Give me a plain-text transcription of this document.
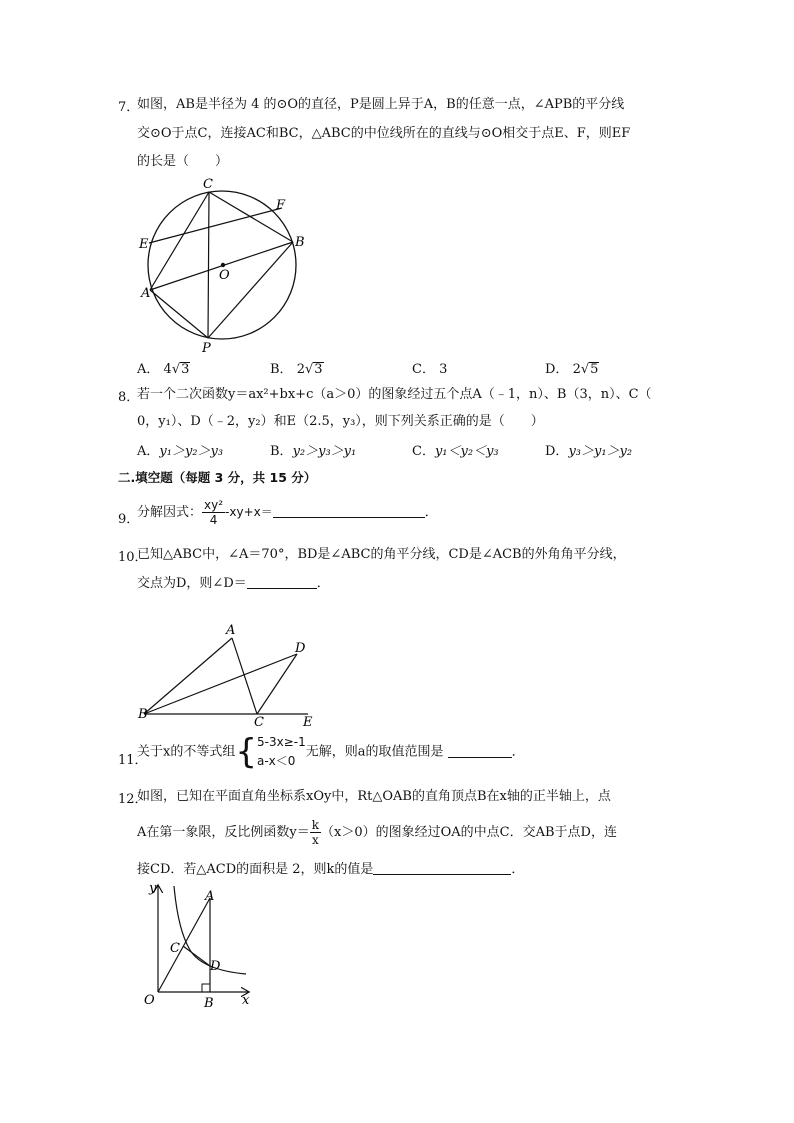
7．
如图，AB是半径为 4 的⊙O的直径，P是圆上异于A，B的任意一点，∠APB的平分线
交⊙O于点C，连接AC和BC，△ABC的中位线所在的直线与⊙O相交于点E、F，则EF
的长是（　　）
C
F
E	B
O
A
P
A． 4√3	B． 2√3	C． 3	D． 2√5
8．
若一个二次函数y＝ax²+bx+c（a＞0）的图象经过五个点A（﹣1，n）、B（3，n）、C（
0，y₁）、D（﹣2，y₂）和E（2.5，y₃），则下列关系正确的是（　　）
A．y₁＞y₂＞y₃	B．y₂＞y₃＞y₁	C．y₁＜y₂＜y₃	D．y₃＞y₁＞y₂
二.填空题（每题 3 分，共 15 分）
9．
分解因式： $\frac{\text{xy²}}{4} -xy+x=$	．
10．
已知△ABC中，∠A＝70°，BD是∠ABC的角平分线，CD是∠ACB的外角角平分线，
交点为D，则∠D＝	．
A
D
B
C	E
11．
关于x的不等式组{ 5-3x≥-1
a-x＜0
无解，则a的取值范围是	．
12．
如图，已知在平面直角坐标系xOy中，Rt△OAB的直角顶点B在x轴的正半轴上，点
A在第一象限，反比例函数$y= \frac{k}{x} (x>0)$的图象经过OA的中点C．交AB于点D，连
接CD．若△ACD的面积是 2，则k的值是	．
y
A
C
D
O	B x
